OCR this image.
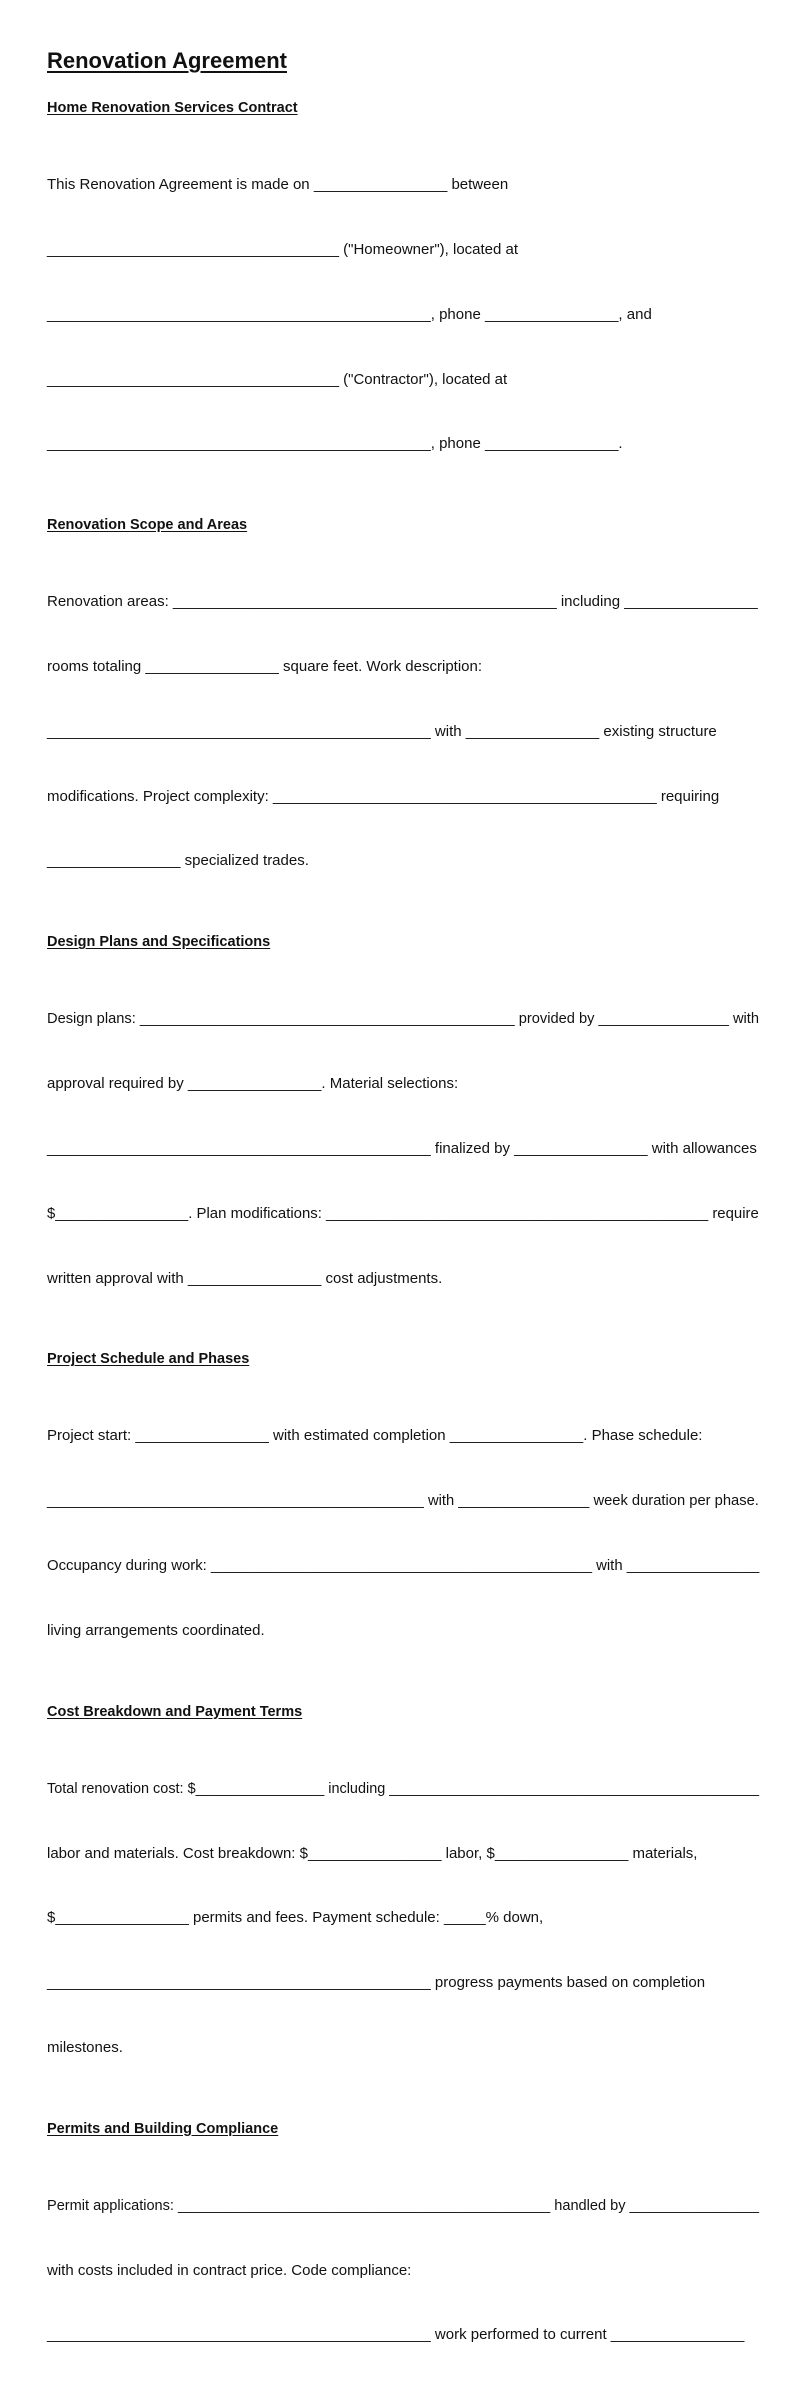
Renovation Agreement
Home Renovation Services Contract

This Renovation Agreement is made on ________________ between

___________________________________ ("Homeowner"), located at

______________________________________________, phone ________________, and

___________________________________ ("Contractor"), located at

______________________________________________, phone ________________.

Renovation Scope and Areas

Renovation areas: ______________________________________________ including ________________

rooms totaling ________________ square feet. Work description:

______________________________________________ with ________________ existing structure

modifications. Project complexity: ______________________________________________ requiring

________________ specialized trades.

Design Plans and Specifications

Design plans: ______________________________________________ provided by ________________ with

approval required by ________________. Material selections:

______________________________________________ finalized by ________________ with allowances

$________________. Plan modifications: ______________________________________________ require

written approval with ________________ cost adjustments.

Project Schedule and Phases

Project start: ________________ with estimated completion ________________. Phase schedule:

______________________________________________ with ________________ week duration per phase.

Occupancy during work: ______________________________________________ with ________________

living arrangements coordinated.

Cost Breakdown and Payment Terms

Total renovation cost: $________________ including ______________________________________________

labor and materials. Cost breakdown: $________________ labor, $________________ materials,

$________________ permits and fees. Payment schedule: _____% down,

______________________________________________ progress payments based on completion

milestones.

Permits and Building Compliance

Permit applications: ______________________________________________ handled by ________________

with costs included in contract price. Code compliance:

______________________________________________ work performed to current ________________
